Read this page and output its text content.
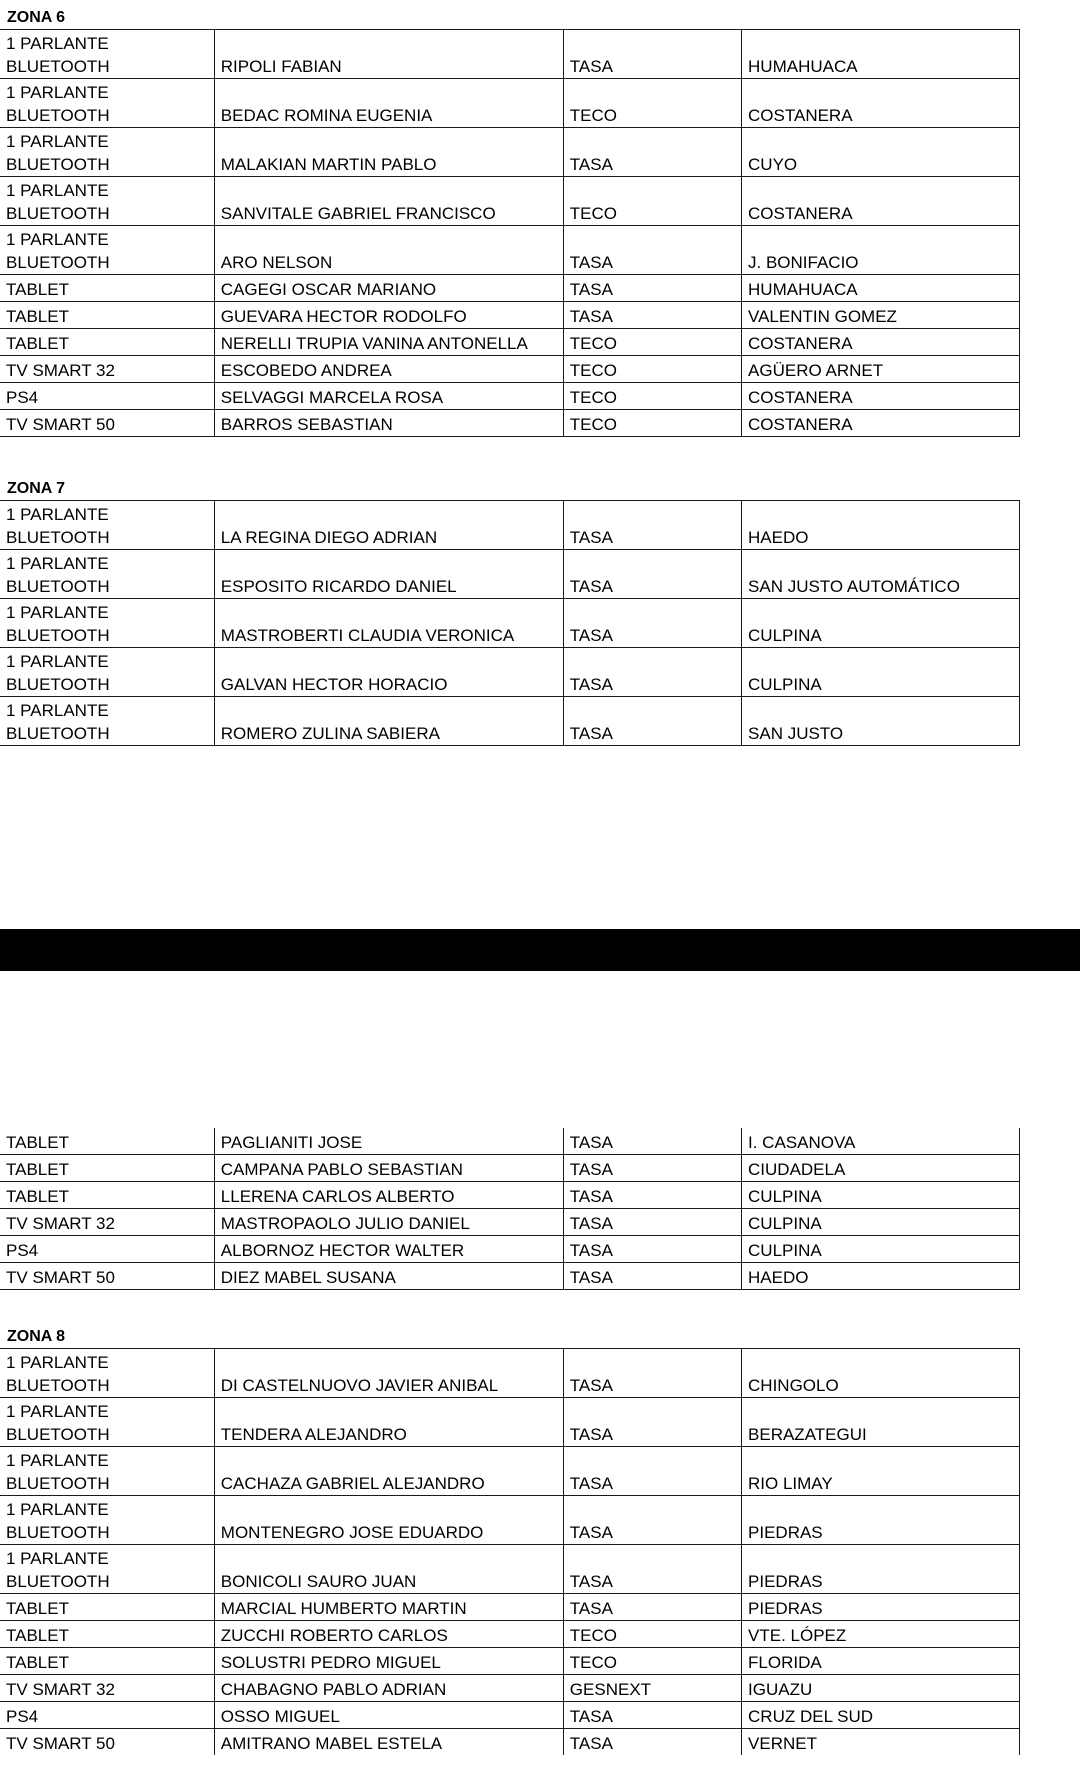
ZONA 6
1 PARLANTE BLUETOOTH	RIPOLI FABIAN	TASA	HUMAHUACA
1 PARLANTE BLUETOOTH	BEDAC ROMINA EUGENIA	TECO	COSTANERA
1 PARLANTE BLUETOOTH	MALAKIAN MARTIN PABLO	TASA	CUYO
1 PARLANTE BLUETOOTH	SANVITALE GABRIEL FRANCISCO	TECO	COSTANERA
1 PARLANTE BLUETOOTH	ARO NELSON	TASA	J. BONIFACIO
TABLET	CAGEGI OSCAR MARIANO	TASA	HUMAHUACA
TABLET	GUEVARA HECTOR RODOLFO	TASA	VALENTIN GOMEZ
TABLET	NERELLI TRUPIA VANINA ANTONELLA	TECO	COSTANERA
TV SMART 32	ESCOBEDO ANDREA	TECO	AGÜERO ARNET
PS4	SELVAGGI MARCELA ROSA	TECO	COSTANERA
TV SMART 50	BARROS SEBASTIAN	TECO	COSTANERA
ZONA 7
1 PARLANTE BLUETOOTH	LA REGINA DIEGO ADRIAN	TASA	HAEDO
1 PARLANTE BLUETOOTH	ESPOSITO RICARDO DANIEL	TASA	SAN JUSTO AUTOMÁTICO
1 PARLANTE BLUETOOTH	MASTROBERTI CLAUDIA VERONICA	TASA	CULPINA
1 PARLANTE BLUETOOTH	GALVAN HECTOR HORACIO	TASA	CULPINA
1 PARLANTE BLUETOOTH	ROMERO ZULINA SABIERA	TASA	SAN JUSTO
TABLET	PAGLIANITI JOSE	TASA	I. CASANOVA
TABLET	CAMPANA PABLO SEBASTIAN	TASA	CIUDADELA
TABLET	LLERENA CARLOS ALBERTO	TASA	CULPINA
TV SMART 32	MASTROPAOLO JULIO DANIEL	TASA	CULPINA
PS4	ALBORNOZ HECTOR WALTER	TASA	CULPINA
TV SMART 50	DIEZ MABEL SUSANA	TASA	HAEDO
ZONA 8
1 PARLANTE BLUETOOTH	DI CASTELNUOVO JAVIER ANIBAL	TASA	CHINGOLO
1 PARLANTE BLUETOOTH	TENDERA ALEJANDRO	TASA	BERAZATEGUI
1 PARLANTE BLUETOOTH	CACHAZA GABRIEL ALEJANDRO	TASA	RIO LIMAY
1 PARLANTE BLUETOOTH	MONTENEGRO JOSE EDUARDO	TASA	PIEDRAS
1 PARLANTE BLUETOOTH	BONICOLI SAURO JUAN	TASA	PIEDRAS
TABLET	MARCIAL HUMBERTO MARTIN	TASA	PIEDRAS
TABLET	ZUCCHI ROBERTO CARLOS	TECO	VTE. LÓPEZ
TABLET	SOLUSTRI PEDRO MIGUEL	TECO	FLORIDA
TV SMART 32	CHABAGNO PABLO ADRIAN	GESNEXT	IGUAZU
PS4	OSSO MIGUEL	TASA	CRUZ DEL SUD
TV SMART 50	AMITRANO MABEL ESTELA	TASA	VERNET
